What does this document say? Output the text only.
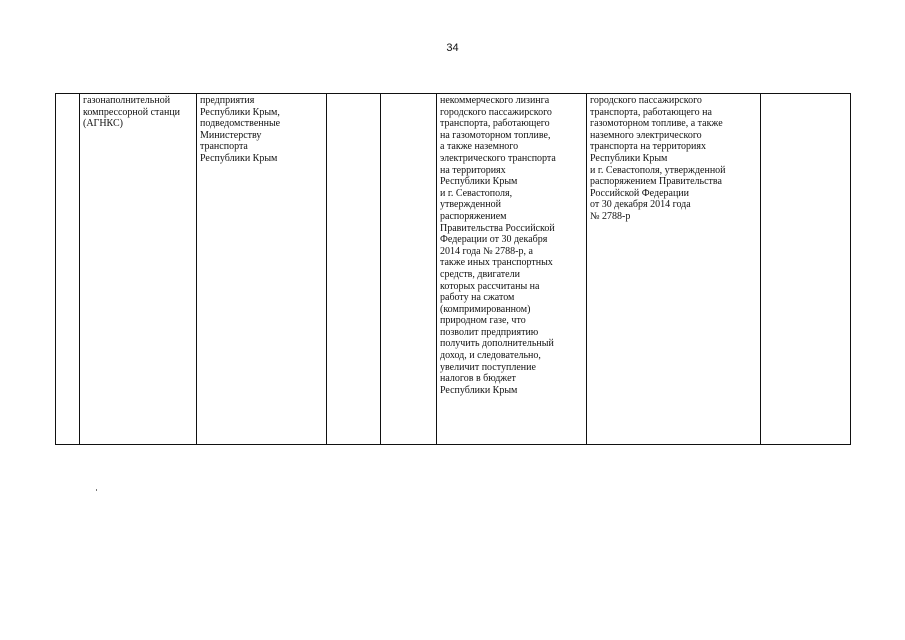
34
	газонаполнительной
компрессорной станци
(АГНКС)	предприятия
Республики Крым,
подведомственные
Министерству
транспорта
Республики Крым			некоммерческого лизинга
городского пассажирского
транспорта, работающего
на газомоторном топливе,
а также наземного
электрического транспорта
на территориях
Республики Крым
и г. Севастополя,
утвержденной
распоряжением
Правительства Российской
Федерации от 30 декабря
2014 года № 2788-р, а
также иных транспортных
средств, двигатели
которых рассчитаны на
работу на сжатом
(компримированном)
природном газе, что
позволит предприятию
получить дополнительный
доход, и следовательно,
увеличит поступление
налогов в бюджет
Республики Крым	городского пассажирского
транспорта, работающего на
газомоторном топливе, а также
наземного электрического
транспорта на территориях
Республики Крым
и г. Севастополя, утвержденной
распоряжением Правительства
Российской Федерации
от 30 декабря 2014 года
№ 2788-р	
